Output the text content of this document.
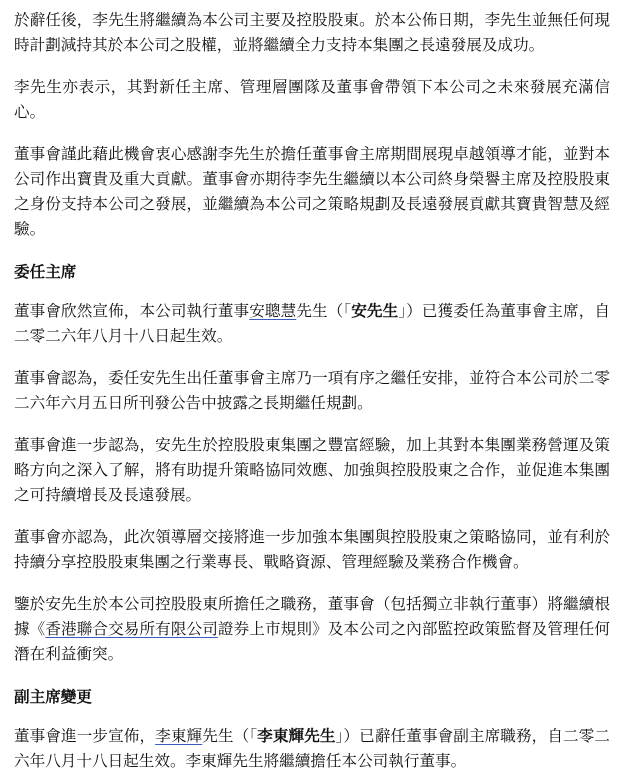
於辭任後，李先生將繼續為本公司主要及控股股東。於本公佈日期，李先生並無任何現時計劃減持其於本公司之股權，並將繼續全力支持本集團之長遠發展及成功。

李先生亦表示，其對新任主席、管理層團隊及董事會帶領下本公司之未來發展充滿信心。

董事會謹此藉此機會衷心感謝李先生於擔任董事會主席期間展現卓越領導才能，並對本公司作出寶貴及重大貢獻。董事會亦期待李先生繼續以本公司終身榮譽主席及控股股東之身份支持本公司之發展，並繼續為本公司之策略規劃及長遠發展貢獻其寶貴智慧及經驗。

委任主席

董事會欣然宣佈，本公司執行董事安聰慧先生（「安先生」）已獲委任為董事會主席，自二零二六年八月十八日起生效。

董事會認為，委任安先生出任董事會主席乃一項有序之繼任安排，並符合本公司於二零二六年六月五日所刊發公告中披露之長期繼任規劃。

董事會進一步認為，安先生於控股股東集團之豐富經驗，加上其對本集團業務營運及策略方向之深入了解，將有助提升策略協同效應、加強與控股股東之合作，並促進本集團之可持續增長及長遠發展。

董事會亦認為，此次領導層交接將進一步加強本集團與控股股東之策略協同，並有利於持續分享控股股東集團之行業專長、戰略資源、管理經驗及業務合作機會。

鑒於安先生於本公司控股股東所擔任之職務，董事會（包括獨立非執行董事）將繼續根據《香港聯合交易所有限公司證券上市規則》及本公司之內部監控政策監督及管理任何潛在利益衝突。

副主席變更

董事會進一步宣佈，李東輝先生（「李東輝先生」）已辭任董事會副主席職務，自二零二六年八月十八日起生效。李東輝先生將繼續擔任本公司執行董事。
